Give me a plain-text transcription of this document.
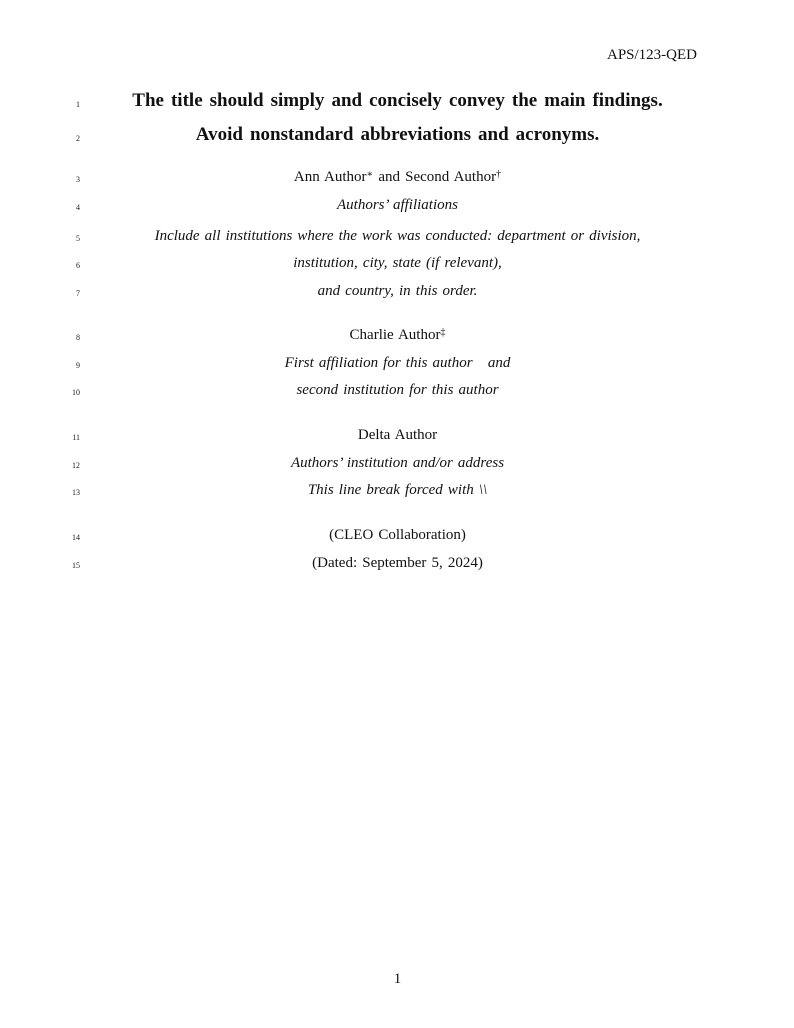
APS/123-QED
1	The title should simply and concisely convey the main findings.
2	Avoid nonstandard abbreviations and acronyms.
3	Ann Author∗ and Second Author†
4	Authors’ affiliations
5	Include all institutions where the work was conducted: department or division,
6	institution, city, state (if relevant),
7	and country, in this order.
8	Charlie Author‡
9	First affiliation for this author   and
10	second institution for this author
11	Delta Author
12	Authors’ institution and/or address
13	This line break forced with \\
14	(CLEO Collaboration)
15	(Dated: September 5, 2024)
1
